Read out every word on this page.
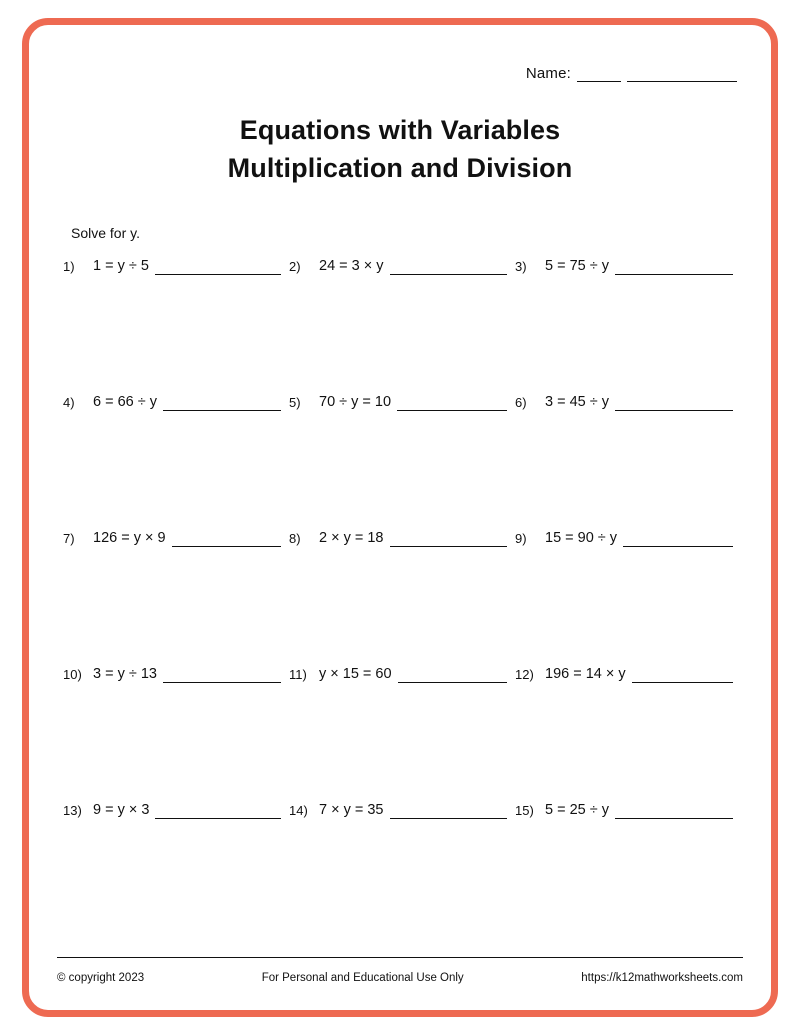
Name:
Equations with Variables
Multiplication and Division
Solve for y.
1)	1 = y ÷ 5	2)	24 = 3 × y	3)	5 = 75 ÷ y
4)	6 = 66 ÷ y	5)	70 ÷ y = 10	6)	3 = 45 ÷ y
7)	126 = y × 9	8)	2 × y = 18	9)	15 = 90 ÷ y
10) 3 = y ÷ 13	11) y × 15 = 60	12) 196 = 14 × y
13) 9 = y × 3	14) 7 × y = 35	15) 5 = 25 ÷ y
© copyright 2023	For Personal and Educational Use Only	https://k12mathworksheets.com
